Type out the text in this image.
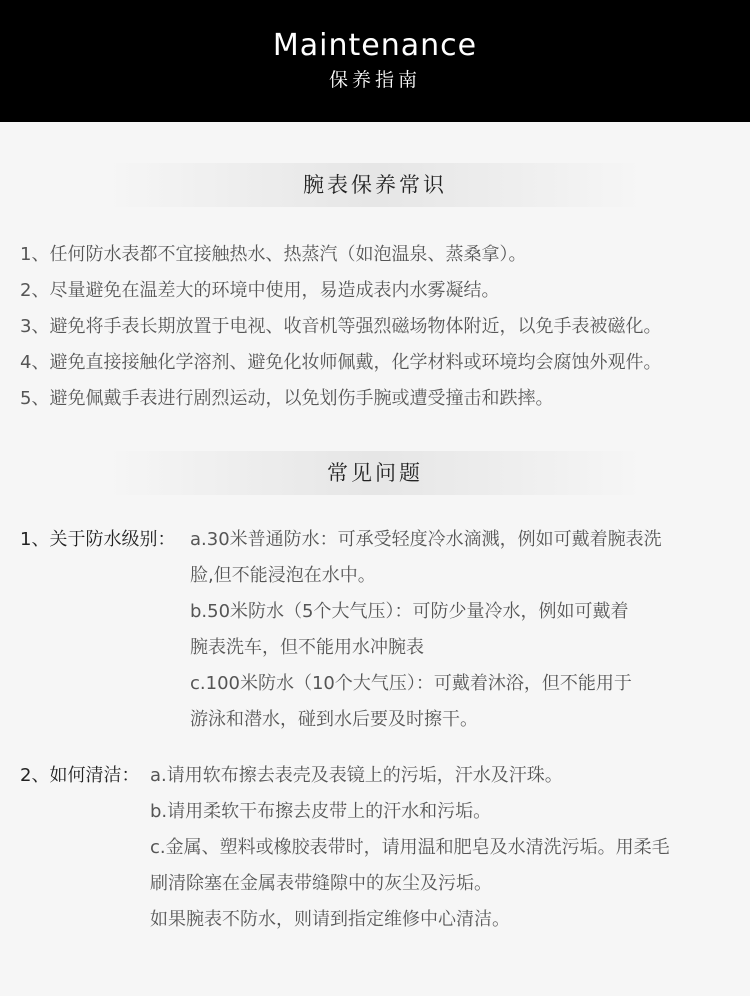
Maintenance
保养指南
腕表保养常识

1、任何防水表都不宜接触热水、热蒸汽（如泡温泉、蒸桑拿）。

2、尽量避免在温差大的环境中使用，易造成表内水雾凝结。

3、避免将手表长期放置于电视、收音机等强烈磁场物体附近，以免手表被磁化。

4、避免直接接触化学溶剂、避免化妆师佩戴，化学材料或环境均会腐蚀外观件。

5、避免佩戴手表进行剧烈运动，以免划伤手腕或遭受撞击和跌摔。

常见问题
1、关于防水级别： a.30米普通防水：可承受轻度冷水滴溅，例如可戴着腕表洗
脸,但不能浸泡在水中。
b.50米防水（5个大气压）：可防少量冷水，例如可戴着
腕表洗车，但不能用水冲腕表
c.100米防水（10个大气压）：可戴着沐浴，但不能用于
游泳和潜水，碰到水后要及时擦干。
2、如何清洁： a.请用软布擦去表壳及表镜上的污垢，汗水及汗珠。
b.请用柔软干布擦去皮带上的汗水和污垢。
c.金属、塑料或橡胶表带时，请用温和肥皂及水清洗污垢。用柔毛
刷清除塞在金属表带缝隙中的灰尘及污垢。
如果腕表不防水，则请到指定维修中心清洁。
